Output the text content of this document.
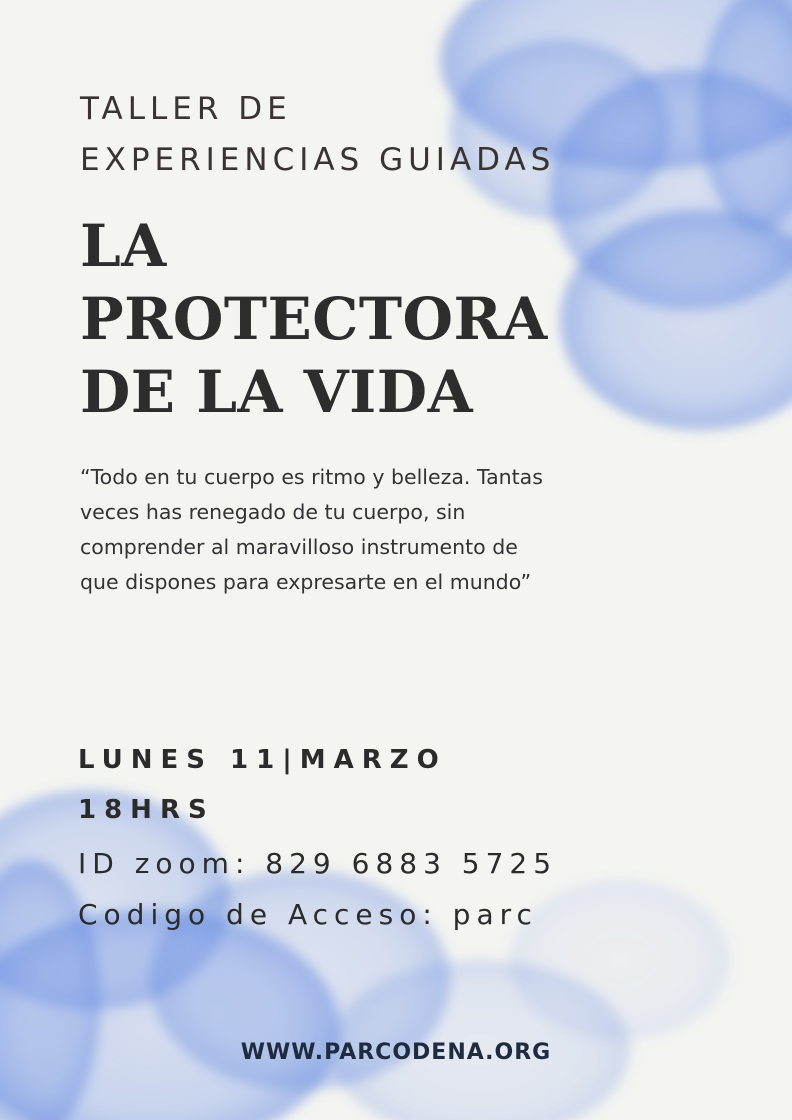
TALLER DE
EXPERIENCIAS GUIADAS
LA
PROTECTORA
DE LA VIDA

“Todo en tu cuerpo es ritmo y belleza. Tantas
veces has renegado de tu cuerpo, sin
comprender al maravilloso instrumento de
que dispones para expresarte en el mundo”

LUNES 11|MARZO
18HRS
ID zoom: 829 6883 5725
Codigo de Acceso: parc

WWW.PARCODENA.ORG
